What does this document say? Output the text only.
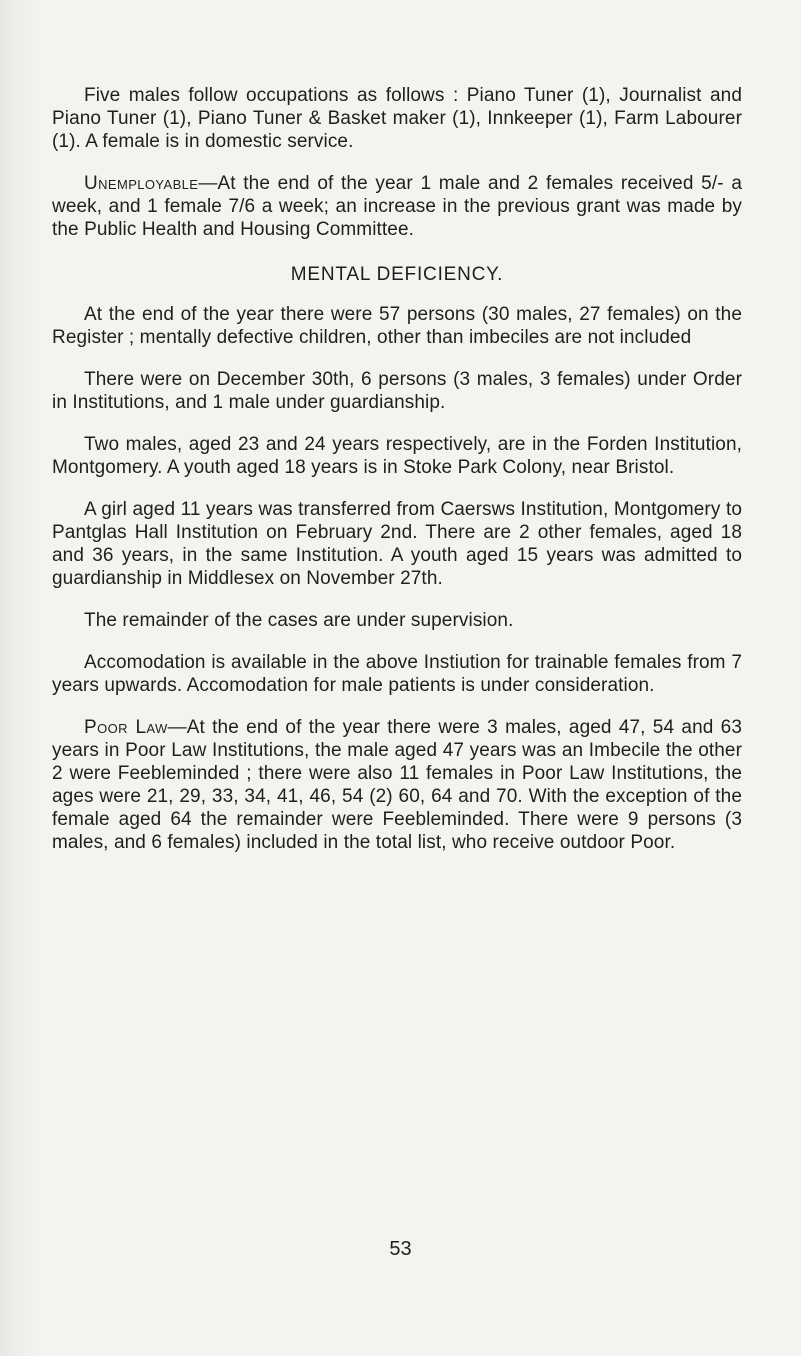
Five males follow occupations as follows : Piano Tuner (1), Journalist and Piano Tuner (1), Piano Tuner & Basket maker (1), Innkeeper (1), Farm Labourer (1). A female is in domestic service.

Unemployable—At the end of the year 1 male and 2 females received 5/- a week, and 1 female 7/6 a week; an increase in the previous grant was made by the Public Health and Housing Committee.

MENTAL DEFICIENCY.

At the end of the year there were 57 persons (30 males, 27 females) on the Register ; mentally defective children, other than imbeciles are not included

There were on December 30th, 6 persons (3 males, 3 females) under Order in Institutions, and 1 male under guardianship.

Two males, aged 23 and 24 years respectively, are in the Forden Institution, Montgomery. A youth aged 18 years is in Stoke Park Colony, near Bristol.

A girl aged 11 years was transferred from Caersws Institution, Montgomery to Pantglas Hall Institution on February 2nd. There are 2 other females, aged 18 and 36 years, in the same Institution. A youth aged 15 years was admitted to guardianship in Middlesex on November 27th.

The remainder of the cases are under supervision.

Accomodation is available in the above Instiution for trainable females from 7 years upwards. Accomodation for male patients is under consideration.

Poor Law—At the end of the year there were 3 males, aged 47, 54 and 63 years in Poor Law Institutions, the male aged 47 years was an Imbecile the other 2 were Feebleminded ; there were also 11 females in Poor Law Institutions, the ages were 21, 29, 33, 34, 41, 46, 54 (2) 60, 64 and 70. With the exception of the female aged 64 the remainder were Feebleminded. There were 9 persons (3 males, and 6 females) included in the total list, who receive outdoor Poor.

53
